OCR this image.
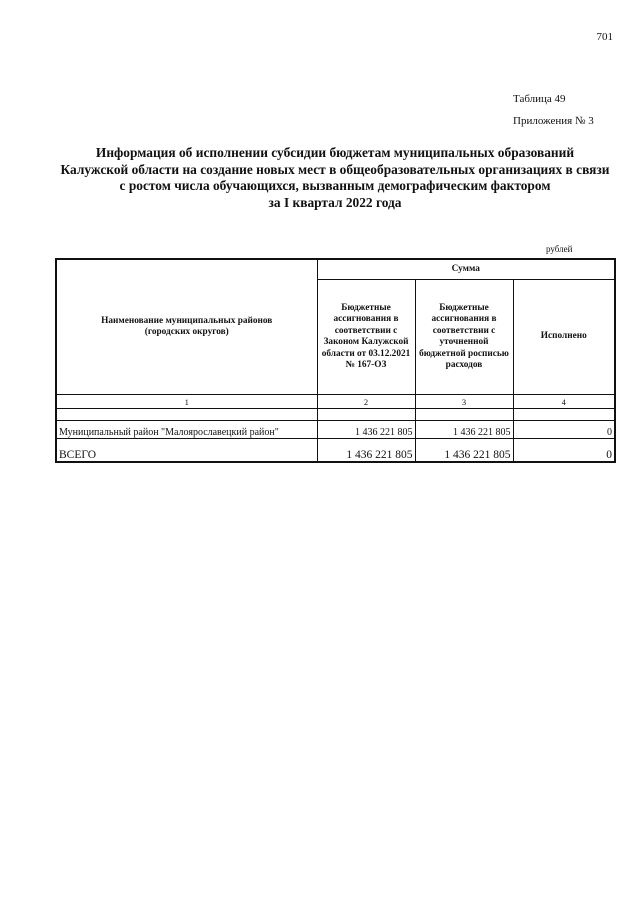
701
Таблица 49
Приложения № 3
Информация об исполнении субсидии бюджетам муниципальных образований
Калужской области на создание новых мест в общеобразовательных организациях в связи
с ростом числа обучающихся, вызванным демографическим фактором
за I квартал 2022 года
рублей
Наименование муниципальных районов (городских округов)	Сумма		
	Бюджетные ассигнования в соответствии с Законом Калужской области от 03.12.2021 № 167-ОЗ	Бюджетные ассигнования в соответствии с уточненной бюджетной росписью расходов	Исполнено
1	2	3	4

Муниципальный район "Малоярославецкий район"	1 436 221 805	1 436 221 805	0
ВСЕГО	1 436 221 805	1 436 221 805	0
